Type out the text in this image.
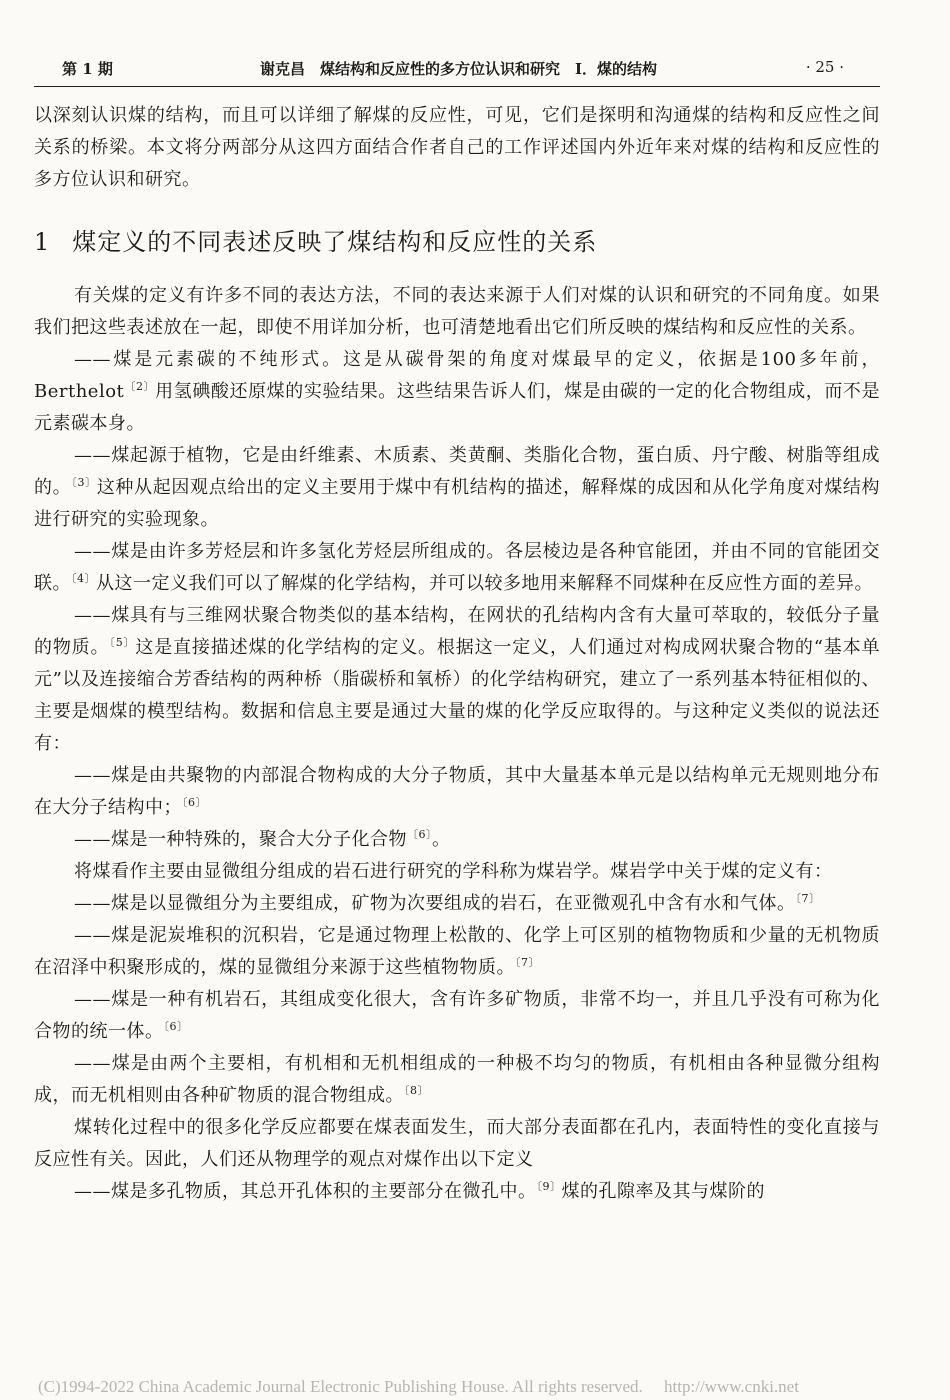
第 1 期	谢克昌　煤结构和反应性的多方位认识和研究　Ⅰ．煤的结构	· 25 ·

以深刻认识煤的结构，而且可以详细了解煤的反应性，可见，它们是探明和沟通煤的结构和反应性之间关系的桥梁。本文将分两部分从这四方面结合作者自己的工作评述国内外近年来对煤的结构和反应性的多方位认识和研究。

1 煤定义的不同表述反映了煤结构和反应性的关系

有关煤的定义有许多不同的表达方法，不同的表达来源于人们对煤的认识和研究的不同角度。如果我们把这些表述放在一起，即使不用详加分析，也可清楚地看出它们所反映的煤结构和反应性的关系。

——煤是元素碳的不纯形式。这是从碳骨架的角度对煤最早的定义，依据是100多年前，Berthelot$^{〔2〕}$用氢碘酸还原煤的实验结果。这些结果告诉人们，煤是由碳的一定的化合物组成，而不是元素碳本身。

——煤起源于植物，它是由纤维素、木质素、类黄酮、类脂化合物，蛋白质、丹宁酸、树脂等组成的。$^{〔3〕}$这种从起因观点给出的定义主要用于煤中有机结构的描述，解释煤的成因和从化学角度对煤结构进行研究的实验现象。

——煤是由许多芳烃层和许多氢化芳烃层所组成的。各层棱边是各种官能团，并由不同的官能团交联。$^{〔4〕}$从这一定义我们可以了解煤的化学结构，并可以较多地用来解释不同煤种在反应性方面的差异。

——煤具有与三维网状聚合物类似的基本结构，在网状的孔结构内含有大量可萃取的，较低分子量的物质。$^{〔5〕}$这是直接描述煤的化学结构的定义。根据这一定义，人们通过对构成网状聚合物的“基本单元”以及连接缩合芳香结构的两种桥（脂碳桥和氧桥）的化学结构研究，建立了一系列基本特征相似的、主要是烟煤的模型结构。数据和信息主要是通过大量的煤的化学反应取得的。与这种定义类似的说法还有：

——煤是由共聚物的内部混合物构成的大分子物质，其中大量基本单元是以结构单元无规则地分布在大分子结构中；$^{〔6〕}$

——煤是一种特殊的，聚合大分子化合物$^{〔6〕}$。

将煤看作主要由显微组分组成的岩石进行研究的学科称为煤岩学。煤岩学中关于煤的定义有：

——煤是以显微组分为主要组成，矿物为次要组成的岩石，在亚微观孔中含有水和气体。$^{〔7〕}$

——煤是泥炭堆积的沉积岩，它是通过物理上松散的、化学上可区别的植物物质和少量的无机物质在沼泽中积聚形成的，煤的显微组分来源于这些植物物质。$^{〔7〕}$

——煤是一种有机岩石，其组成变化很大，含有许多矿物质，非常不均一，并且几乎没有可称为化合物的统一体。$^{〔6〕}$

——煤是由两个主要相，有机相和无机相组成的一种极不均匀的物质，有机相由各种显微分组构成，而无机相则由各种矿物质的混合物组成。$^{〔8〕}$

煤转化过程中的很多化学反应都要在煤表面发生，而大部分表面都在孔内，表面特性的变化直接与反应性有关。因此，人们还从物理学的观点对煤作出以下定义

——煤是多孔物质，其总开孔体积的主要部分在微孔中。$^{〔9〕}$煤的孔隙率及其与煤阶的

(C)1994-2022 China Academic Journal Electronic Publishing House. All rights reserved.　 http://www.cnki.net
